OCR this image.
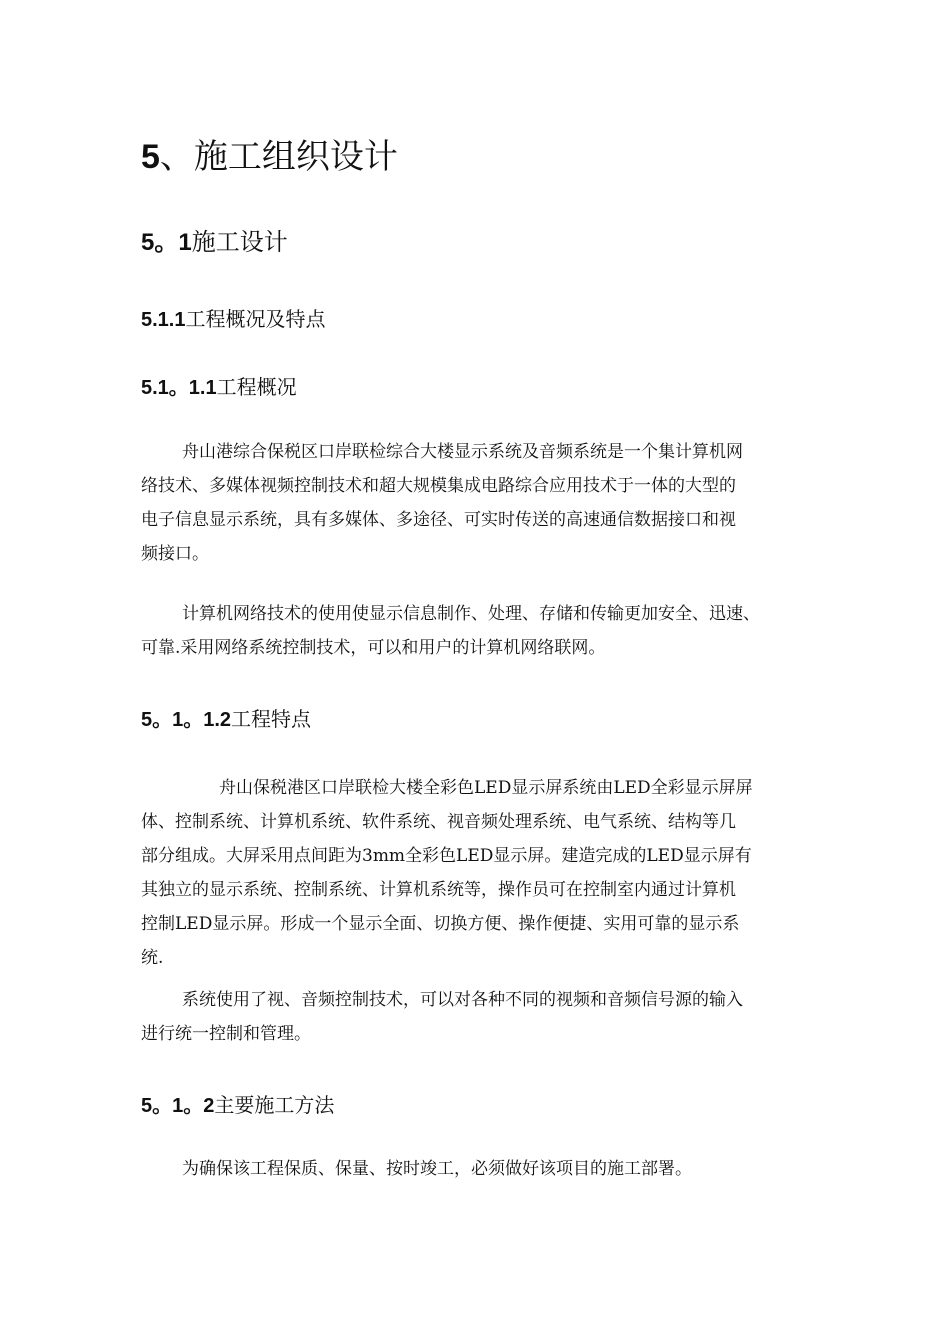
5、施工组织设计
5。1施工设计
5.1.1工程概况及特点
5.1。1.1工程概况
舟山港综合保税区口岸联检综合大楼显示系统及音频系统是一个集计算机网
络技术、多媒体视频控制技术和超大规模集成电路综合应用技术于一体的大型的
电子信息显示系统，具有多媒体、多途径、可实时传送的高速通信数据接口和视
频接口。
计算机网络技术的使用使显示信息制作、处理、存储和传输更加安全、迅速、
可靠.采用网络系统控制技术，可以和用户的计算机网络联网。
5。1。1.2工程特点
舟山保税港区口岸联检大楼全彩色LED显示屏系统由LED全彩显示屏屏
体、控制系统、计算机系统、软件系统、视音频处理系统、电气系统、结构等几
部分组成。大屏采用点间距为3mm全彩色LED显示屏。建造完成的LED显示屏有
其独立的显示系统、控制系统、计算机系统等，操作员可在控制室内通过计算机
控制LED显示屏。形成一个显示全面、切换方便、操作便捷、实用可靠的显示系
统.
系统使用了视、音频控制技术，可以对各种不同的视频和音频信号源的输入
进行统一控制和管理。
5。1。2主要施工方法
为确保该工程保质、保量、按时竣工，必须做好该项目的施工部署。
